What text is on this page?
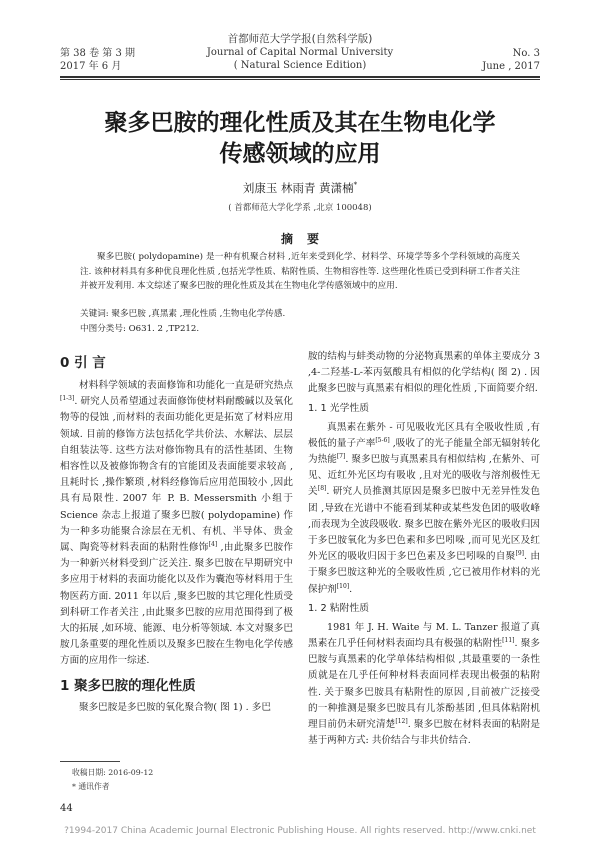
第 38 卷 第 3 期
2017 年 6 月
首都师范大学学报(自然科学版)
Journal of Capital Normal University
( Natural Science Edition)
No. 3
June , 2017
聚多巴胺的理化性质及其在生物电化学
传感领域的应用
刘康玉 林雨青 黄潇楠*
( 首都师范大学化学系 ,北京 100048)
摘要
聚多巴胺( polydopamine) 是一种有机聚合材料 ,近年来受到化学、材料学、环境学等多个学科领域的高度关注. 该种材料具有多种优良理化性质 ,包括光学性质、粘附性质、生物相容性等. 这些理化性质已受到科研工作者关注并被开发利用. 本文综述了聚多巴胺的理化性质及其在生物电化学传感领域中的应用.
关键词: 聚多巴胺 ,真黑素 ,理化性质 ,生物电化学传感.
中图分类号: O631. 2 ,TP212.
0 引 言

材料科学领域的表面修饰和功能化一直是研究热点[1-3]. 研究人员希望通过表面修饰使材料耐酸碱以及氧化物等的侵蚀 ,而材料的表面功能化更是拓宽了材料应用领域. 目前的修饰方法包括化学共价法、水解法、层层自组装法等. 这些方法对修饰物具有的活性基团、生物相容性以及被修饰物含有的官能团及表面能要求较高 ,且耗时长 ,操作繁琐 ,材料经修饰后应用范围较小 ,因此具有局限性. 2007 年 P. B. Messersmith 小组于 Science 杂志上报道了聚多巴胺( polydopamine) 作为一种多功能聚合涂层在无机、有机、半导体、贵金属、陶瓷等材料表面的粘附性修饰[4] ,由此聚多巴胺作为一种新兴材料受到广泛关注. 聚多巴胺在早期研究中多应用于材料的表面功能化以及作为囊泡等材料用于生物医药方面. 2011 年以后 ,聚多巴胺的其它理化性质受到科研工作者关注 ,由此聚多巴胺的应用范围得到了极大的拓展 ,如环境、能源、电分析等领域. 本文对聚多巴胺几条重要的理化性质以及聚多巴胺在生物电化学传感方面的应用作一综述.

1 聚多巴胺的理化性质

聚多巴胺是多巴胺的氧化聚合物( 图 1) . 多巴

胺的结构与蚌类动物的分泌物真黑素的单体主要成分 3 ,4-二羟基-L-苯丙氨酸具有相似的化学结构( 图 2) . 因此聚多巴胺与真黑素有相似的理化性质 ,下面简要介绍.

1. 1 光学性质

真黑素在紫外 - 可见吸收光区具有全吸收性质 ,有极低的量子产率[5-6] ,吸收了的光子能量全部无辐射转化为热能[7]. 聚多巴胺与真黑素具有相似结构 ,在紫外、可见、近红外光区均有吸收 ,且对光的吸收与溶剂极性无关[8]. 研究人员推测其原因是聚多巴胺中无差异性发色团 ,导致在光谱中不能看到某种或某些发色团的吸收峰 ,而表现为全波段吸收. 聚多巴胺在紫外光区的吸收归因于多巴胺氧化为多巴色素和多巴吲哚 ,而可见光区及红外光区的吸收归因于多巴色素及多巴吲哚的自聚[9]. 由于聚多巴胺这种光的全吸收性质 ,它已被用作材料的光保护剂[10].

1. 2 粘附性质

1981 年 J. H. Waite 与 M. L. Tanzer 报道了真黑素在几乎任何材料表面均具有极强的粘附性[11]. 聚多巴胺与真黑素的化学单体结构相似 ,其最重要的一条性质就是在几乎任何种材料表面同样表现出极强的粘附性. 关于聚多巴胺具有粘附性的原因 ,目前被广泛接受的一种推测是聚多巴胺具有儿茶酚基团 ,但具体粘附机理目前仍未研究清楚[12]. 聚多巴胺在材料表面的粘附是基于两种方式: 共价结合与非共价结合.

收稿日期: 2016-09-12
* 通讯作者
44
?1994-2017 China Academic Journal Electronic Publishing House. All rights reserved. http://www.cnki.net
